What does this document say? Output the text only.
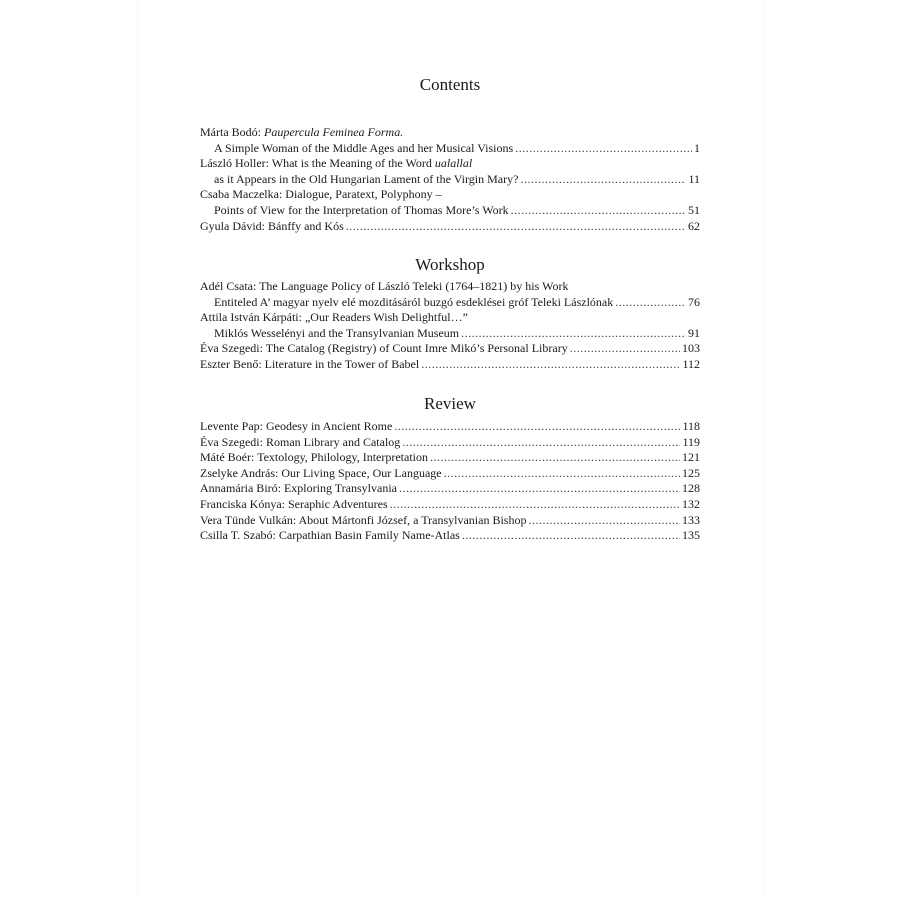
Contents
Márta Bodó: Paupercula Feminea Forma.
A Simple Woman of the Middle Ages and her Musical Visions .....	1
László Holler: What is the Meaning of the Word ualallal
as it Appears in the Old Hungarian Lament of the Virgin Mary? .....	11
Csaba Maczelka: Dialogue, Paratext, Polyphony –
Points of View for the Interpretation of Thomas More’s Work .....	51
Gyula Dávid: Bánffy and Kós .....	62
Workshop
Adél Csata: The Language Policy of László Teleki (1764–1821) by his Work
Entiteled A’ magyar nyelv elé mozditásáról buzgó esdeklései gróf Teleki Lászlónak .....	76
Attila István Kárpáti: „Our Readers Wish Delightful…”
Miklós Wesselényi and the Transylvanian Museum .....	91
Éva Szegedi: The Catalog (Registry) of Count Imre Mikó’s Personal Library .....	103
Eszter Benő: Literature in the Tower of Babel .....	112
Review
Levente Pap: Geodesy in Ancient Rome .....	118
Éva Szegedi: Roman Library and Catalog .....	119
Máté Boér: Textology, Philology, Interpretation .....	121
Zselyke András: Our Living Space, Our Language .....	125
Annamária Biró: Exploring Transylvania .....	128
Franciska Kónya: Seraphic Adventures .....	132
Vera Tünde Vulkán: About Mártonfi József, a Transylvanian Bishop .....	133
Csilla T. Szabó: Carpathian Basin Family Name-Atlas .....	135
